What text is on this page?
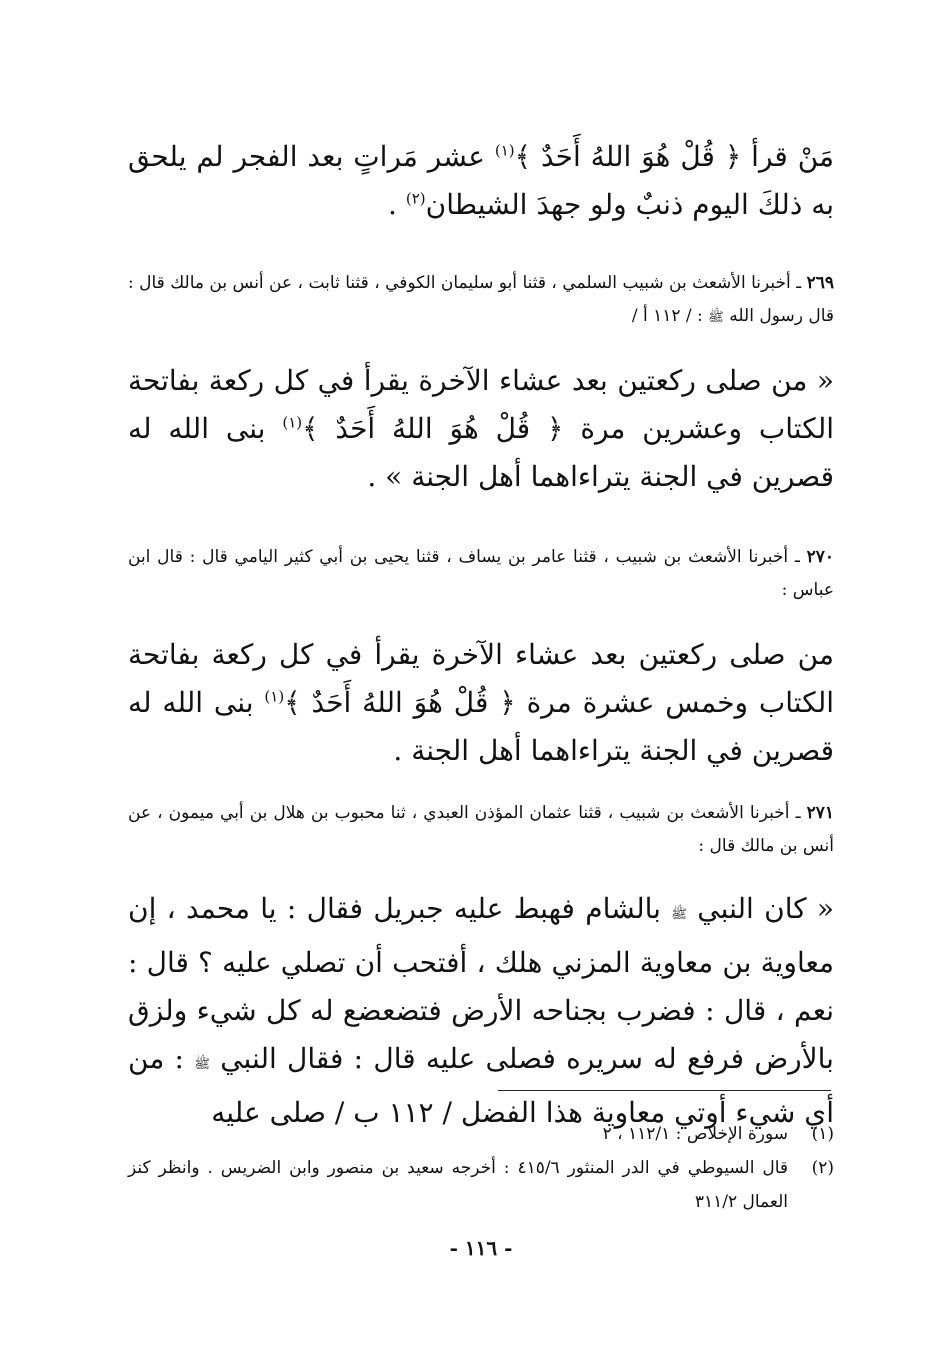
مَنْ قرأ ﴿ قُلْ هُوَ اللهُ أَحَدٌ ﴾$^{(١)}$ عشر مَراتٍ بعد الفجر لم يلحق به ذلكَ اليوم ذنبٌ ولو جهدَ الشيطان$^{(٢)}$ .
٢٦٩ ـ أخبرنا الأشعث بن شبيب السلمي ، قثنا أبو سليمان الكوفي ، قثنا ثابت ، عن أنس بن مالك قال : قال رسول الله ﷺ : / ١١٢ أ /
« من صلى ركعتين بعد عشاء الآخرة يقرأ في كل ركعة بفاتحة الكتاب وعشرين مرة ﴿ قُلْ هُوَ اللهُ أَحَدٌ ﴾$^{(١)}$ بنى الله له قصرين في الجنة يتراءاهما أهل الجنة » .
٢٧٠ ـ أخبرنا الأشعث بن شبيب ، قثنا عامر بن يساف ، قثنا يحيى بن أبي كثير اليامي قال : قال ابن عباس :
من صلى ركعتين بعد عشاء الآخرة يقرأ في كل ركعة بفاتحة الكتاب وخمس عشرة مرة ﴿ قُلْ هُوَ اللهُ أَحَدٌ ﴾$^{(١)}$ بنى الله له قصرين في الجنة يتراءاهما أهل الجنة .
٢٧١ ـ أخبرنا الأشعث بن شبيب ، قثنا عثمان المؤذن العبدي ، ثنا محبوب بن هلال بن أبي ميمون ، عن أنس بن مالك قال :
« كان النبي ﷺ بالشام فهبط عليه جبريل فقال : يا محمد ، إن معاوية بن معاوية المزني هلك ، أفتحب أن تصلي عليه ؟ قال : نعم ، قال : فضرب بجناحه الأرض فتضعضع له كل شيء ولزق بالأرض فرفع له سريره فصلى عليه قال : فقال النبي ﷺ : من أي شيء أوتي معاوية هذا الفضل / ١١٢ ب / صلى عليه
(١)
سورة الإخلاص : ١١٢/١ ، ٢
(٢)
قال السيوطي في الدر المنثور ٤١٥/٦ : أخرجه سعيد بن منصور وابن الضريس . وانظر كنز العمال ٣١١/٢
- ١١٦ -
